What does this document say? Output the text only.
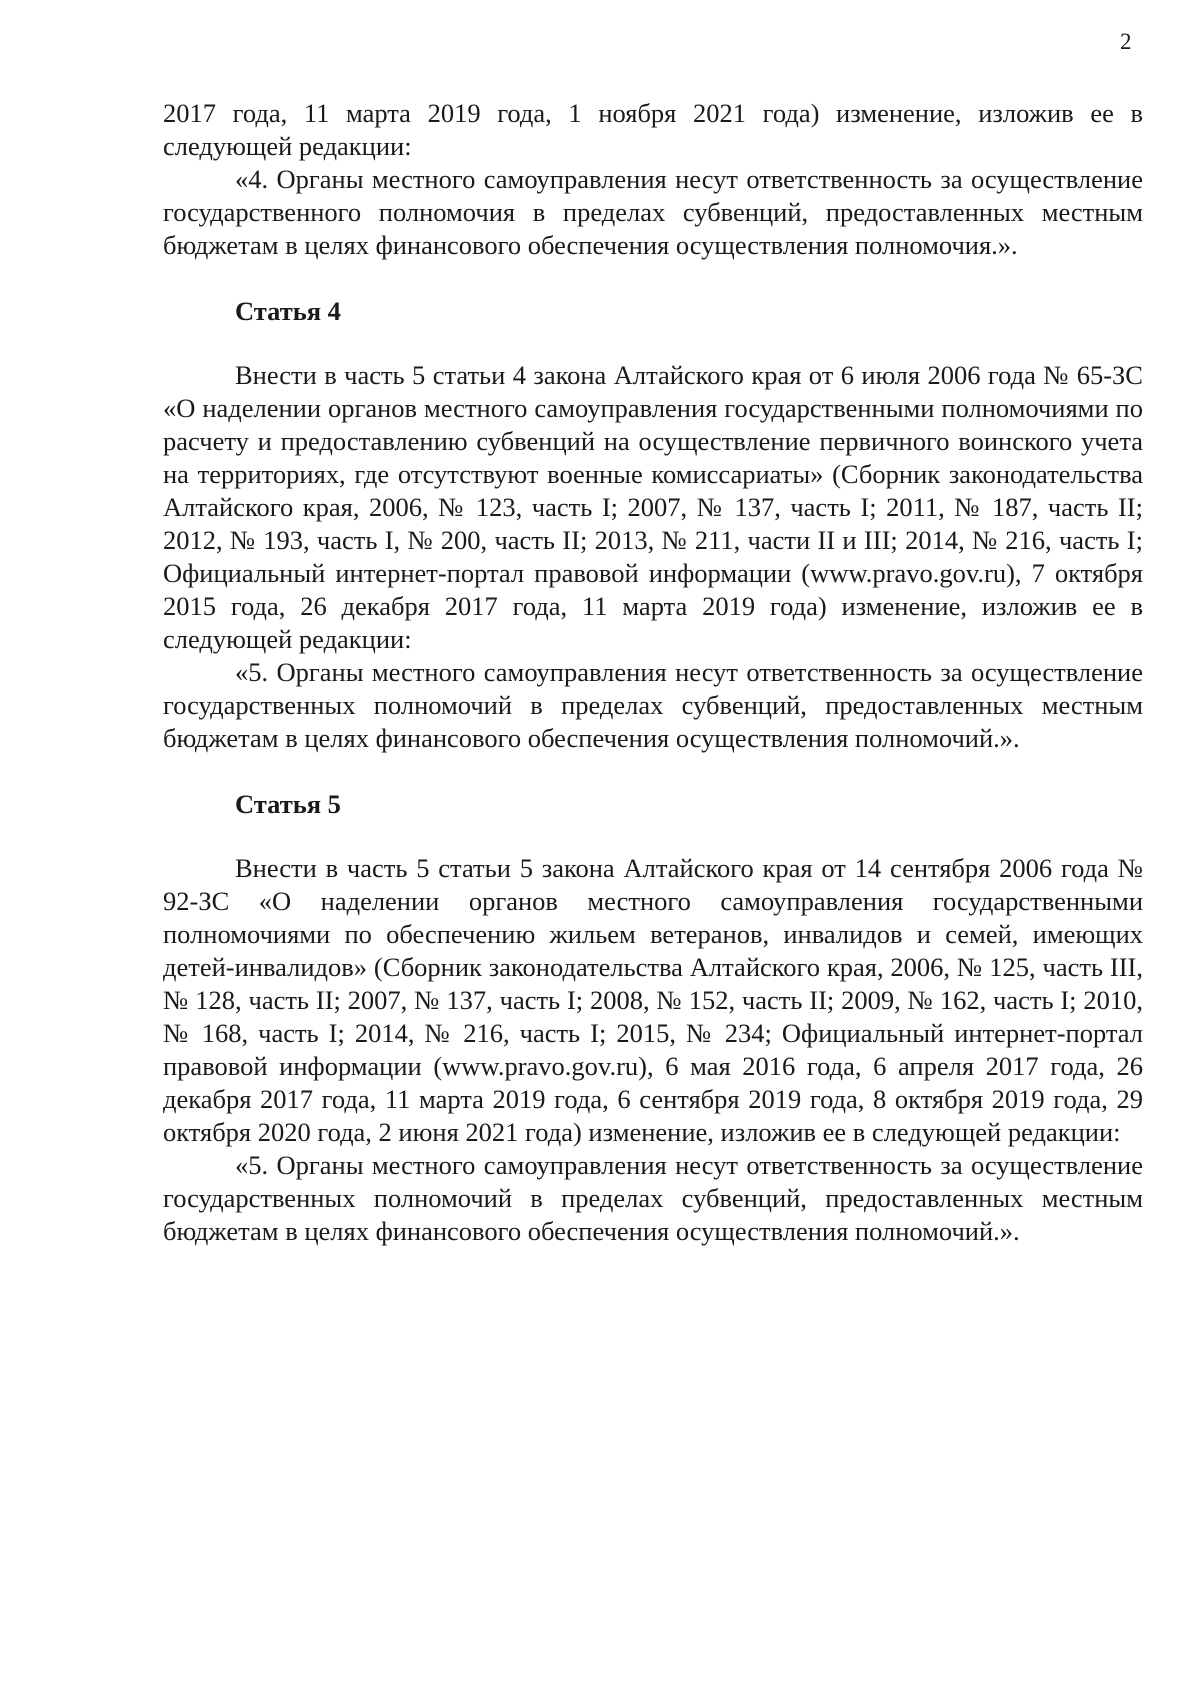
2

2017 года, 11 марта 2019 года, 1 ноября 2021 года) изменение, изложив ее в следующей редакции:

«4. Органы местного самоуправления несут ответственность за осуществление государственного полномочия в пределах субвенций, предоставленных местным бюджетам в целях финансового обеспечения осуществления полномочия.».

Статья 4

Внести в часть 5 статьи 4 закона Алтайского края от 6 июля 2006 года № 65-ЗС «О наделении органов местного самоуправления государственными полномочиями по расчету и предоставлению субвенций на осуществление первичного воинского учета на территориях, где отсутствуют военные комиссариаты» (Сборник законодательства Алтайского края, 2006, № 123, часть I; 2007, № 137, часть I; 2011, № 187, часть II; 2012, № 193, часть I, № 200, часть II; 2013, № 211, части II и III; 2014, № 216, часть I; Официальный интернет-портал правовой информации (www.pravo.gov.ru), 7 октября 2015 года, 26 декабря 2017 года, 11 марта 2019 года) изменение, изложив ее в следующей редакции:

«5. Органы местного самоуправления несут ответственность за осуществление государственных полномочий в пределах субвенций, предоставленных местным бюджетам в целях финансового обеспечения осуществления полномочий.».

Статья 5

Внести в часть 5 статьи 5 закона Алтайского края от 14 сентября 2006 года № 92-ЗС «О наделении органов местного самоуправления государственными полномочиями по обеспечению жильем ветеранов, инвалидов и семей, имеющих детей-инвалидов» (Сборник законодательства Алтайского края, 2006, № 125, часть III, № 128, часть II; 2007, № 137, часть I; 2008, № 152, часть II; 2009, № 162, часть I; 2010, № 168, часть I; 2014, № 216, часть I; 2015, № 234; Официальный интернет-портал правовой информации (www.pravo.gov.ru), 6 мая 2016 года, 6 апреля 2017 года, 26 декабря 2017 года, 11 марта 2019 года, 6 сентября 2019 года, 8 октября 2019 года, 29 октября 2020 года, 2 июня 2021 года) изменение, изложив ее в следующей редакции:

«5. Органы местного самоуправления несут ответственность за осуществление государственных полномочий в пределах субвенций, предоставленных местным бюджетам в целях финансового обеспечения осуществления полномочий.».
